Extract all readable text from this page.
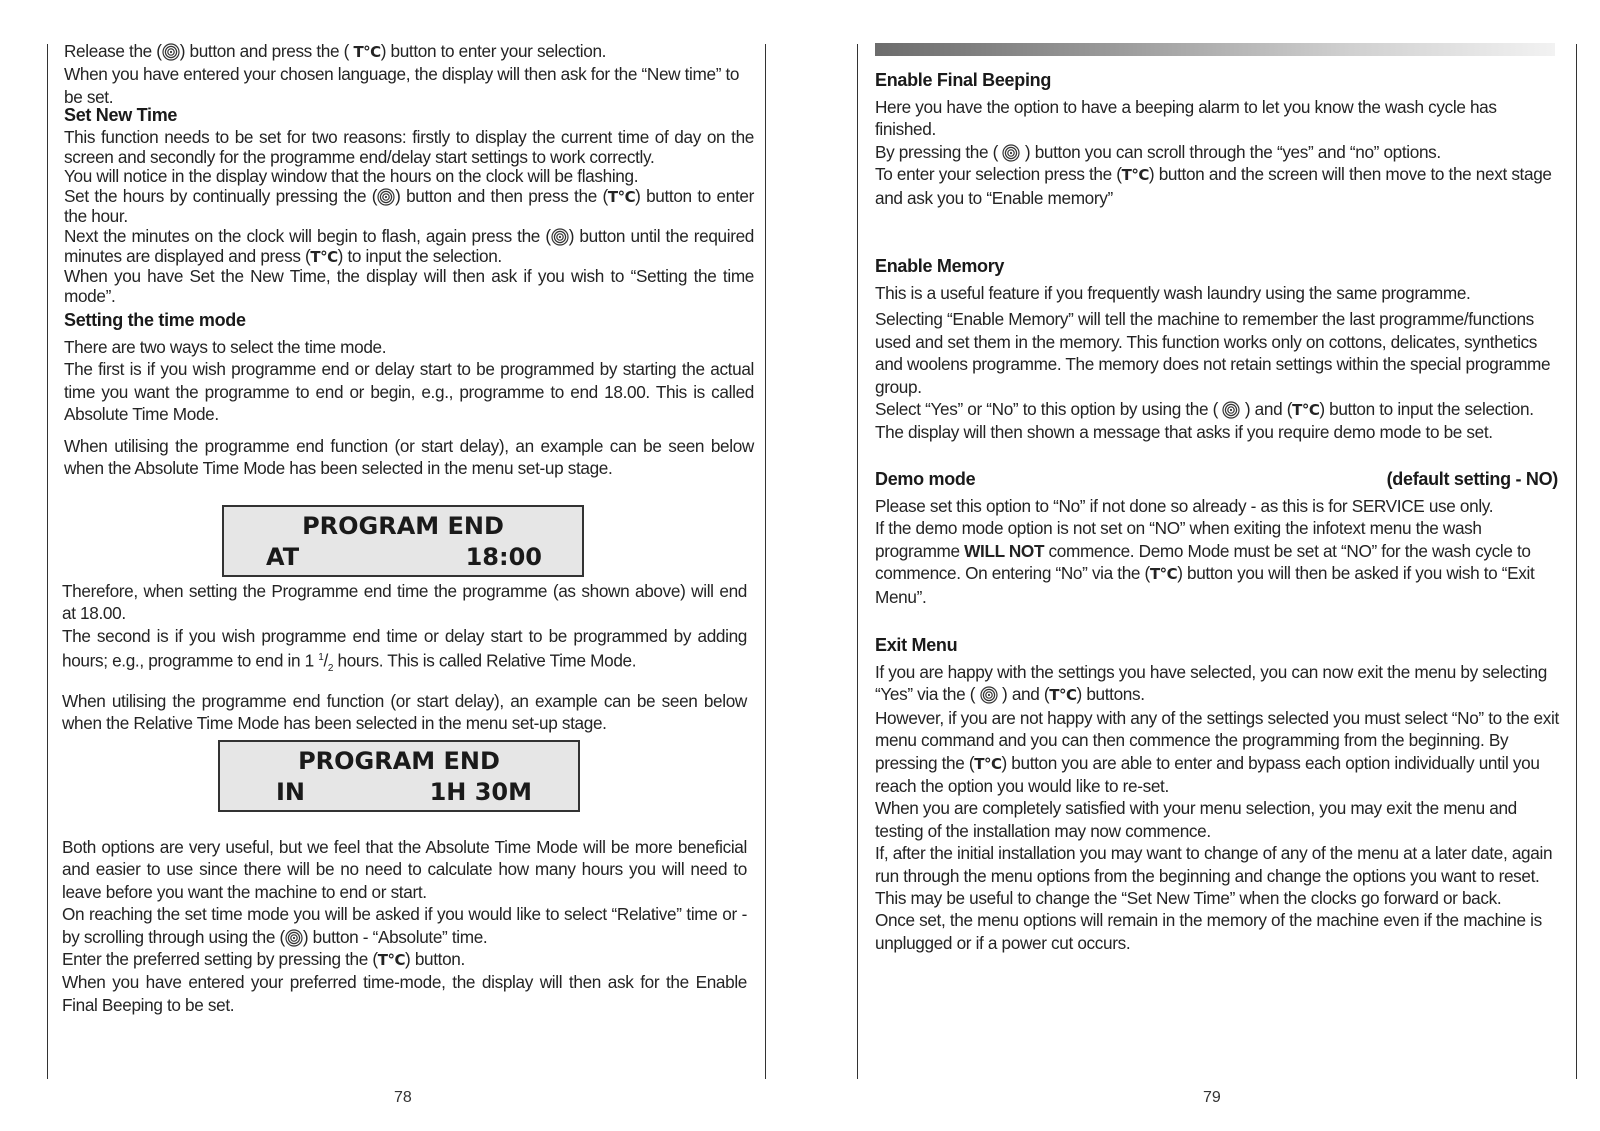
Release the ( ) button and press the ( T°C) button to enter your selection.
When you have entered your chosen language, the display will then ask for the “New time” to be set.
Set New Time

This function needs to be set for two reasons: firstly to display the current time of day on the screen and secondly for the programme end/delay start settings to work correctly.

You will notice in the display window that the hours on the clock will be flashing.

Set the hours by continually pressing the ( ) button and then press the (T°C) button to enter the hour.

Next the minutes on the clock will begin to flash, again press the ( ) button until the required minutes are displayed and press (T°C) to input the selection.

When you have Set the New Time, the display will then ask if you wish to “Setting the time mode”.

Setting the time mode

There are two ways to select the time mode.

The first is if you wish programme end or delay start to be programmed by starting the actual time you want the programme to end or begin, e.g., programme to end 18.00. This is called Absolute Time Mode.

When utilising the programme end function (or start delay), an example can be seen below when the Absolute Time Mode has been selected in the menu set-up stage.

PROGRAM END
AT	18:00

Therefore, when setting the Programme end time the programme (as shown above) will end at 18.00.

The second is if you wish programme end time or delay start to be programmed by adding hours; e.g., programme to end in 1 $^1/_2$ hours. This is called Relative Time Mode.

When utilising the programme end function (or start delay), an example can be seen below when the Relative Time Mode has been selected in the menu set-up stage.

PROGRAM END
IN	1H 30M

Both options are very useful, but we feel that the Absolute Time Mode will be more beneficial and easier to use since there will be no need to calculate how many hours you will need to leave before you want the machine to end or start.

On reaching the set time mode you will be asked if you would like to select “Relative” time or - by scrolling through using the ( ) button - “Absolute” time.

Enter the preferred setting by pressing the (T°C) button.

When you have entered your preferred time-mode, the display will then ask for the Enable Final Beeping to be set.

78
Enable Final Beeping

Here you have the option to have a beeping alarm to let you know the wash cycle has finished.

By pressing the ( ) button you can scroll through the “yes” and “no” options.

To enter your selection press the (T°C) button and the screen will then move to the next stage and ask you to “Enable memory”

Enable Memory

This is a useful feature if you frequently wash laundry using the same programme.

Selecting “Enable Memory” will tell the machine to remember the last programme/functions used and set them in the memory. This function works only on cottons, delicates, synthetics and woolens programme. The memory does not retain settings within the special programme group.

Select “Yes” or “No” to this option by using the ( ) and (T°C) button to input the selection.

The display will then shown a message that asks if you require demo mode to be set.

Demo mode	(default setting - NO)

Please set this option to “No” if not done so already - as this is for SERVICE use only.

If the demo mode option is not set on “NO” when exiting the infotext menu the wash programme WILL NOT commence. Demo Mode must be set at “NO” for the wash cycle to commence. On entering “No” via the (T°C) button you will then be asked if you wish to “Exit Menu”.

Exit Menu

If you are happy with the settings you have selected, you can now exit the menu by selecting “Yes” via the ( ) and (T°C) buttons.

However, if you are not happy with any of the settings selected you must select “No” to the exit menu command and you can then commence the programming from the beginning. By pressing the (T°C) button you are able to enter and bypass each option individually until you reach the option you would like to re-set.

When you are completely satisfied with your menu selection, you may exit the menu and testing of the installation may now commence.

If, after the initial installation you may want to change of any of the menu at a later date, again run through the menu options from the beginning and change the options you want to reset.

This may be useful to change the “Set New Time” when the clocks go forward or back.

Once set, the menu options will remain in the memory of the machine even if the machine is unplugged or if a power cut occurs.

79
